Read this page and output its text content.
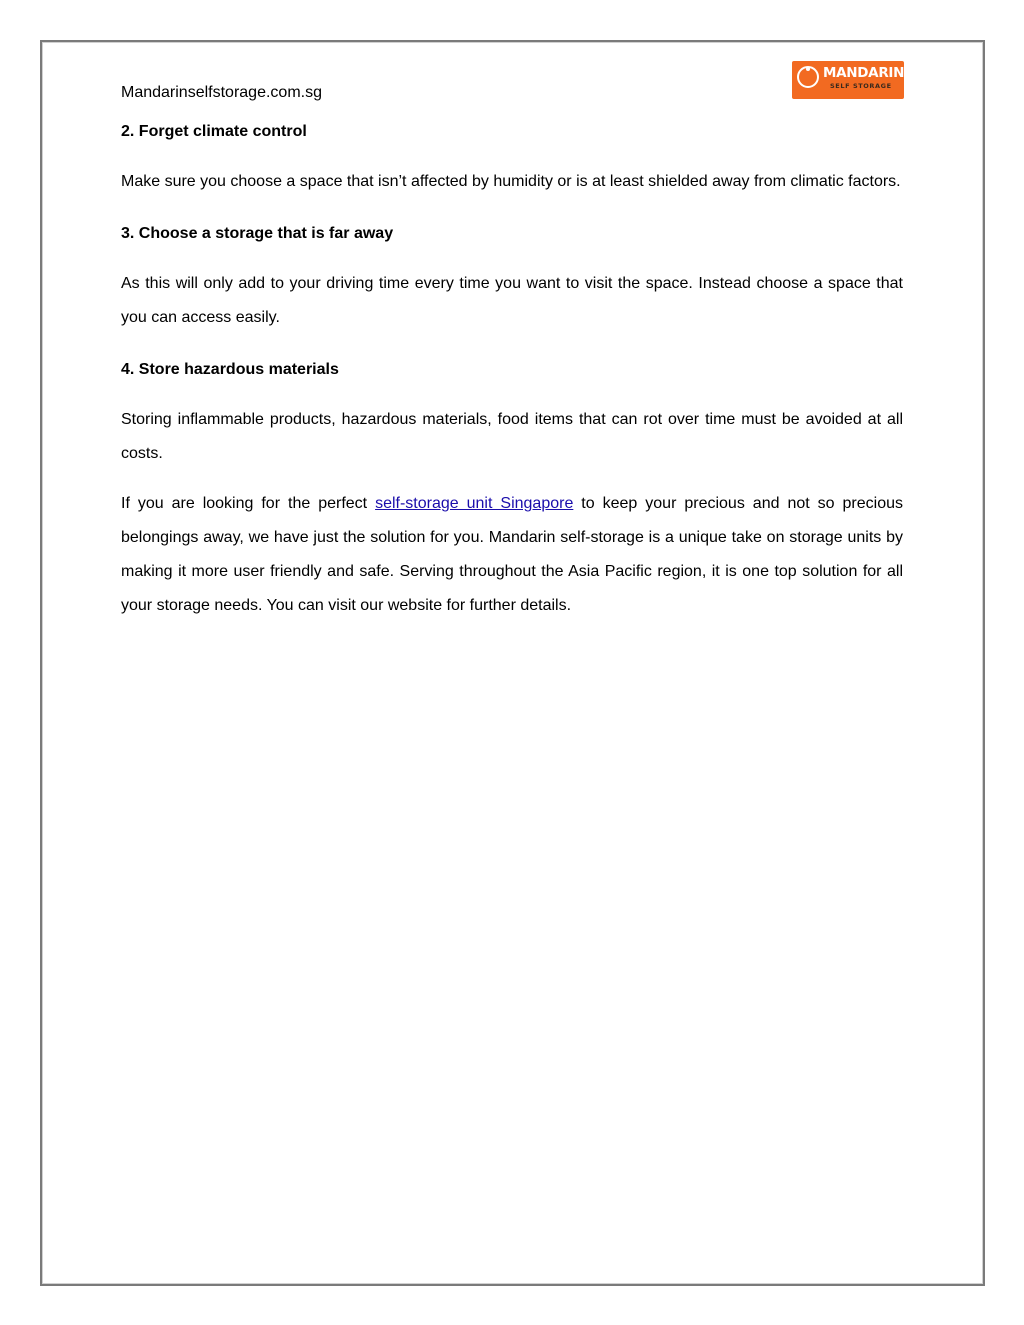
Mandarinselfstorage.com.sg
MANDARIN
SELF STORAGE
2. Forget climate control

Make sure you choose a space that isn’t affected by humidity or is at least shielded away from climatic factors.

3. Choose a storage that is far away

As this will only add to your driving time every time you want to visit the space. Instead choose a space that you can access easily.

4. Store hazardous materials

Storing inflammable products, hazardous materials, food items that can rot over time must be avoided at all costs.

If you are looking for the perfect self-storage unit Singapore to keep your precious and not so precious belongings away, we have just the solution for you. Mandarin self-storage is a unique take on storage units by making it more user friendly and safe. Serving throughout the Asia Pacific region, it is one top solution for all your storage needs. You can visit our website for further details.
